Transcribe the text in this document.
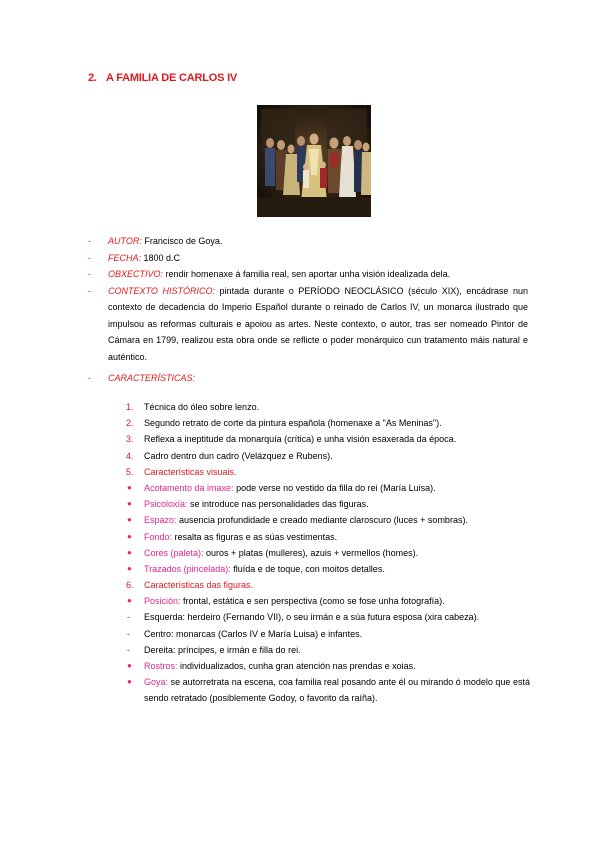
2. A FAMILIA DE CARLOS IV
- AUTOR: Francisco de Goya.
- FECHA: 1800 d.C
- OBXECTIVO: rendir homenaxe á familia real, sen aportar unha visión idealizada dela.
- CONTEXTO HISTÓRICO: pintada durante o PERÍODO NEOCLÁSICO (século XIX), encádrase nun contexto de decadencia do Imperio Español durante o reinado de Carlos IV, un monarca ilustrado que impulsou as reformas culturais e apoiou as artes. Neste contexto, o autor, tras ser nomeado Pintor de Cámara en 1799, realizou esta obra onde se reflicte o poder monárquico cun tratamento máis natural e auténtico.
- CARACTERÍSTICAS:
1. Técnica do óleo sobre lenzo.
2. Segundo retrato de corte da pintura española (homenaxe a "As Meninas").
3. Reflexa a ineptitude da monarquía (crítica) e unha visión esaxerada da época.
4. Cadro dentro dun cadro (Velázquez e Rubens).
5. Características visuais.
● Acotamento da imaxe: pode verse no vestido da filla do rei (María Luisa).
● Psicoloxía: se introduce nas personalidades das figuras.
● Espazo: ausencia profundidade e creado mediante claroscuro (luces + sombras).
● Fondo: resalta as figuras e as súas vestimentas.
● Cores (paleta): ouros + platas (mulleres), azuis + vermellos (homes).
● Trazados (pincelada): fluída e de toque, con moitos detalles.
6. Características das figuras.
● Posición: frontal, estática e sen perspectiva (como se fose unha fotografía).
- Esquerda: herdeiro (Fernando VII), o seu irmán e a súa futura esposa (xira cabeza).
- Centro: monarcas (Carlos IV e María Luisa) e infantes.
- Dereita: príncipes, e irmán e filla do rei.
● Rostros: individualizados, cunha gran atención nas prendas e xoias.
● Goya: se autorretrata na escena, coa familia real posando ante él ou mirando ó modelo que está sendo retratado (posiblemente Godoy, o favorito da raíña).
